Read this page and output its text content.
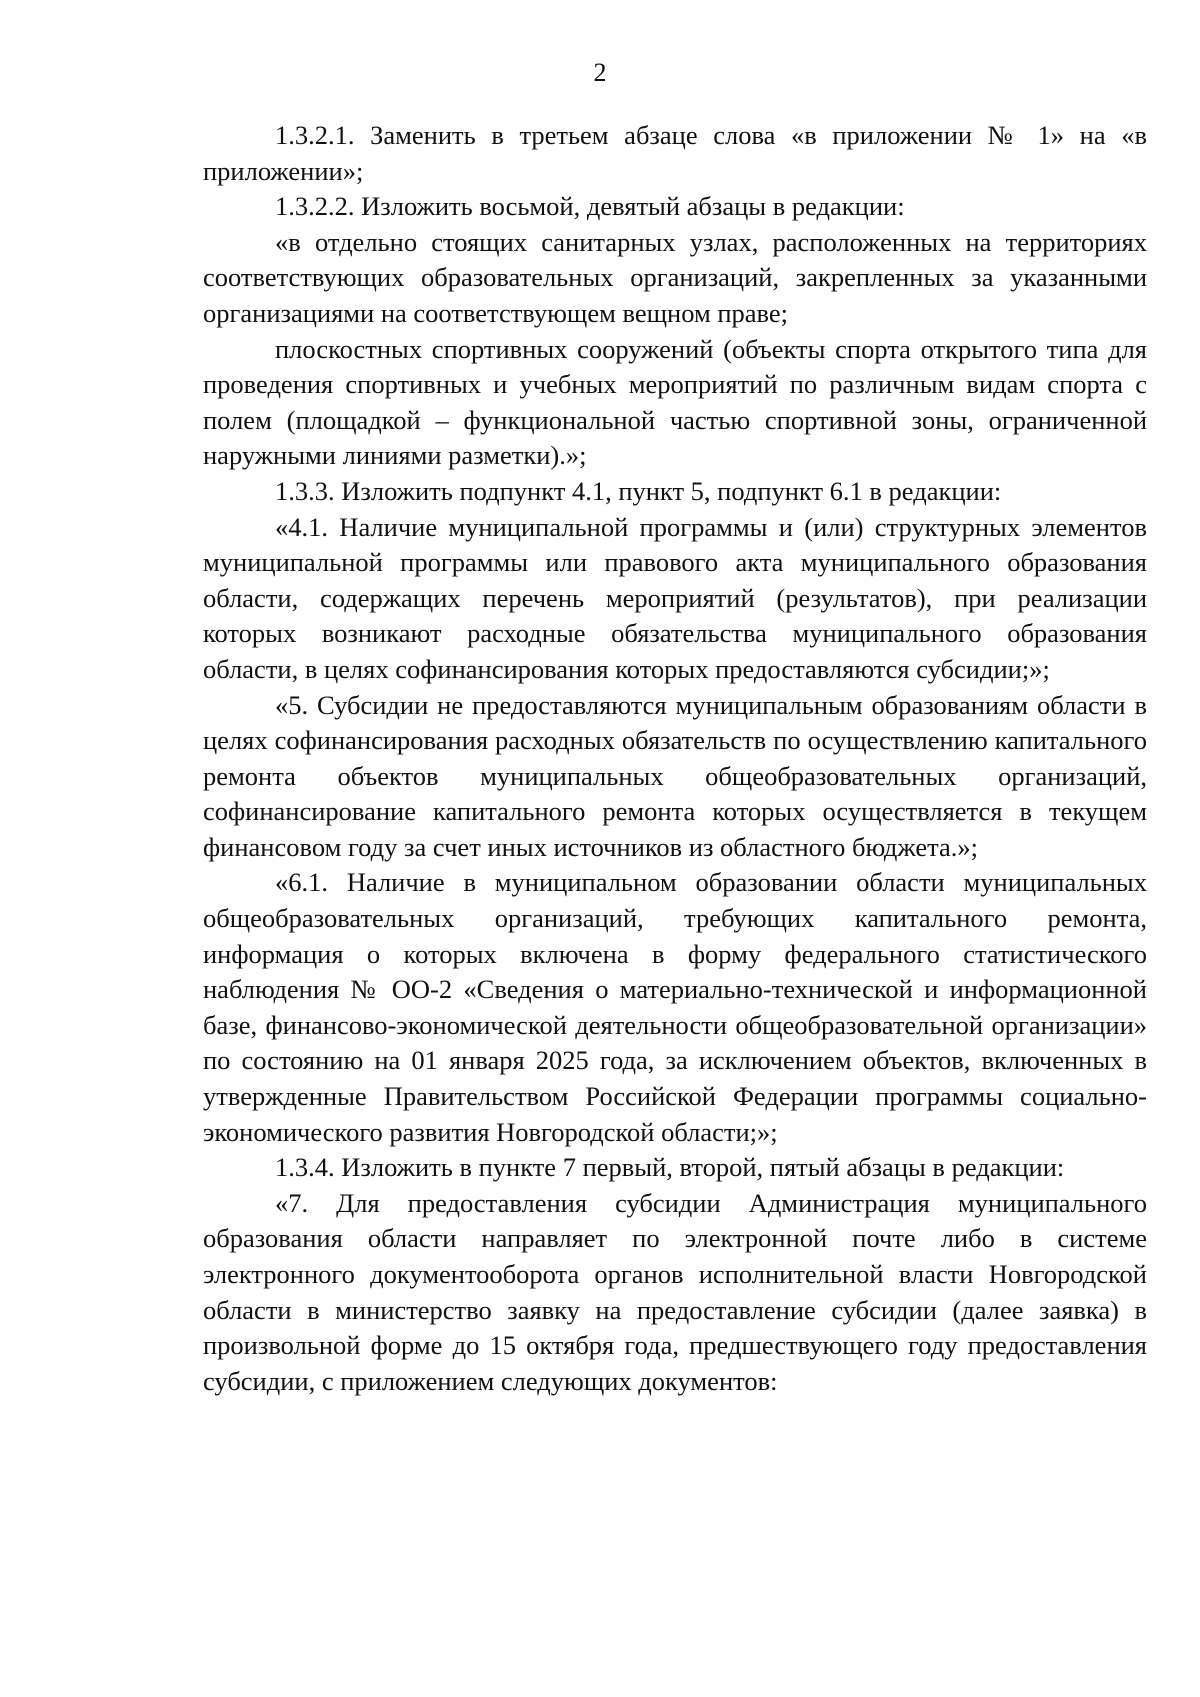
2

1.3.2.1. Заменить в третьем абзаце слова «в приложении № 1» на «в приложении»;

1.3.2.2. Изложить восьмой, девятый абзацы в редакции:

«в отдельно стоящих санитарных узлах, расположенных на территориях соответствующих образовательных организаций, закрепленных за указанными организациями на соответствующем вещном праве;

плоскостных спортивных сооружений (объекты спорта открытого типа для проведения спортивных и учебных мероприятий по различным видам спорта с полем (площадкой – функциональной частью спортивной зоны, ограниченной наружными линиями разметки).»;

1.3.3. Изложить подпункт 4.1, пункт 5, подпункт 6.1 в редакции:

«4.1. Наличие муниципальной программы и (или) структурных элементов муниципальной программы или правового акта муниципального образования области, содержащих перечень мероприятий (результатов), при реализации которых возникают расходные обязательства муниципального образования области, в целях софинансирования которых предоставляются субсидии;»;

«5. Субсидии не предоставляются муниципальным образованиям области в целях софинансирования расходных обязательств по осуществлению капитального ремонта объектов муниципальных общеобразовательных организаций, софинансирование капитального ремонта которых осуществляется в текущем финансовом году за счет иных источников из областного бюджета.»;

«6.1. Наличие в муниципальном образовании области муниципальных общеобразовательных организаций, требующих капитального ремонта, информация о которых включена в форму федерального статистического наблюдения № ОО-2 «Сведения о материально-технической и информационной базе, финансово-экономической деятельности общеобразовательной организации» по состоянию на 01 января 2025 года, за исключением объектов, включенных в утвержденные Правительством Российской Федерации программы социально-экономического развития Новгородской области;»;

1.3.4. Изложить в пункте 7 первый, второй, пятый абзацы в редакции:

«7. Для предоставления субсидии Администрация муниципального образования области направляет по электронной почте либо в системе электронного документооборота органов исполнительной власти Новгородской области в министерство заявку на предоставление субсидии (далее заявка) в произвольной форме до 15 октября года, предшествующего году предоставления субсидии, с приложением следующих документов:
